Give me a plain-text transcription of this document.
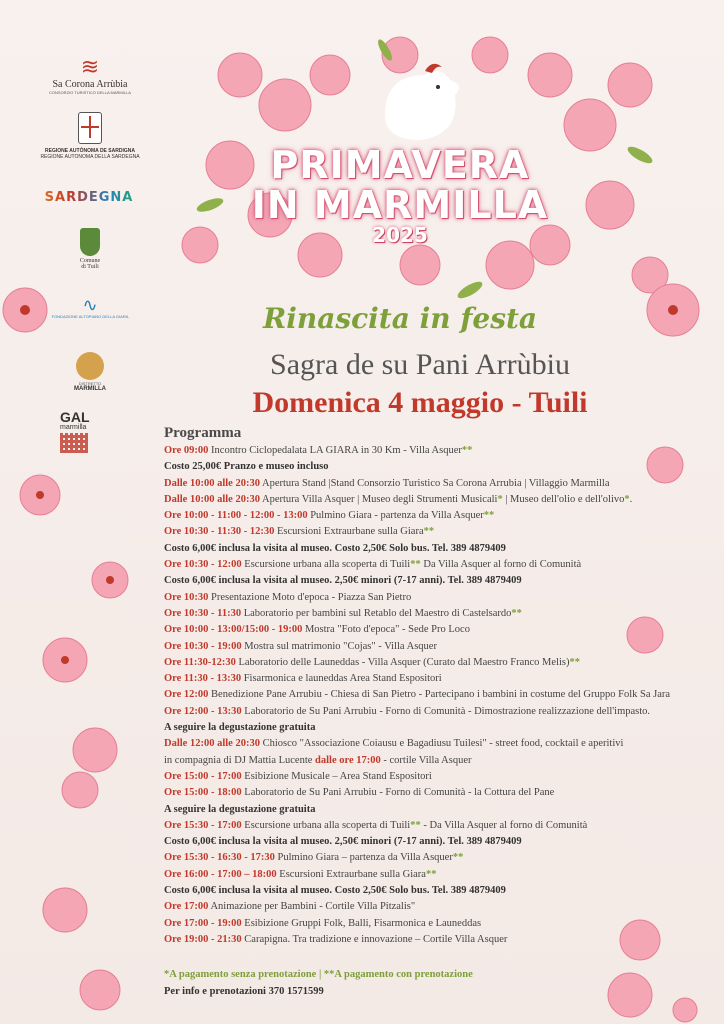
≋
Sa Corona Arrùbia
CONSORZIO TURISTICO DELLA MARMILLA
REGIONE AUTÒNOMA DE SARDIGNA
REGIONE AUTONOMA DELLA SARDEGNA
SARDEGNA
Comune
di Tuili
∿
FONDAZIONE ALTOPIANO DELLA GIARA
DISTRETTO
MARMILLA
GAL
marmilla
PRIMAVERA
IN MARMILLA
2025
Rinascita in festa
Sagra de su Pani Arrùbiu
Domenica 4 maggio - Tuili
Programma
Ore 09:00 Incontro Ciclopedalata LA GIARA in 30 Km - Villa Asquer**
Costo 25,00€ Pranzo e museo incluso
Dalle 10:00 alle 20:30 Apertura Stand |Stand Consorzio Turistico Sa Corona Arrubia | Villaggio Marmilla
Dalle 10:00 alle 20:30 Apertura Villa Asquer | Museo degli Strumenti Musicali* | Museo dell'olio e dell'olivo*.
Ore 10:00 - 11:00 - 12:00 - 13:00 Pulmino Giara - partenza da Villa Asquer**
Ore 10:30 - 11:30 - 12:30 Escursioni Extraurbane sulla Giara**
Costo 6,00€ inclusa la visita al museo. Costo 2,50€ Solo bus. Tel. 389 4879409
Ore 10:30 - 12:00 Escursione urbana alla scoperta di Tuili** Da Villa Asquer al forno di Comunità
Costo 6,00€ inclusa la visita al museo. 2,50€ minori (7-17 anni). Tel. 389 4879409
Ore 10:30 Presentazione Moto d'epoca - Piazza San Pietro
Ore 10:30 - 11:30 Laboratorio per bambini sul Retablo del Maestro di Castelsardo**
Ore 10:00 - 13:00/15:00 - 19:00 Mostra "Foto d'epoca" - Sede Pro Loco
Ore 10:30 - 19:00 Mostra sul matrimonio "Cojas" - Villa Asquer
Ore 11:30-12:30 Laboratorio delle Launeddas - Villa Asquer (Curato dal Maestro Franco Melis)**
Ore 11:30 - 13:30 Fisarmonica e launeddas Area Stand Espositori
Ore 12:00 Benedizione Pane Arrubiu - Chiesa di San Pietro - Partecipano i bambini in costume del Gruppo Folk Sa Jara
Ore 12:00 - 13:30 Laboratorio de Su Pani Arrubiu - Forno di Comunità - Dimostrazione realizzazione dell'impasto.
A seguire la degustazione gratuita
Dalle 12:00 alle 20:30 Chiosco "Associazione Coiausu e Bagadiusu Tuilesi" - street food, cocktail e aperitivi
in compagnia di DJ Mattia Lucente dalle ore 17:00 - cortile Villa Asquer
Ore 15:00 - 17:00 Esibizione Musicale – Area Stand Espositori
Ore 15:00 - 18:00 Laboratorio de Su Pani Arrubiu - Forno di Comunità - la Cottura del Pane
A seguire la degustazione gratuita
Ore 15:30 - 17:00 Escursione urbana alla scoperta di Tuili** - Da Villa Asquer al forno di Comunità
Costo 6,00€ inclusa la visita al museo. 2,50€ minori (7-17 anni). Tel. 389 4879409
Ore 15:30 - 16:30 - 17:30 Pulmino Giara – partenza da Villa Asquer**
Ore 16:00 - 17:00 – 18:00 Escursioni Extraurbane sulla Giara**
Costo 6,00€ inclusa la visita al museo. Costo 2,50€ Solo bus. Tel. 389 4879409
Ore 17:00 Animazione per Bambini - Cortile Villa Pitzalis"
Ore 17:00 - 19:00 Esibizione Gruppi Folk, Balli, Fisarmonica e Launeddas
Ore 19:00 - 21:30 Carapigna. Tra tradizione e innovazione – Cortile Villa Asquer
*A pagamento senza prenotazione | **A pagamento con prenotazione
Per info e prenotazioni 370 1571599
